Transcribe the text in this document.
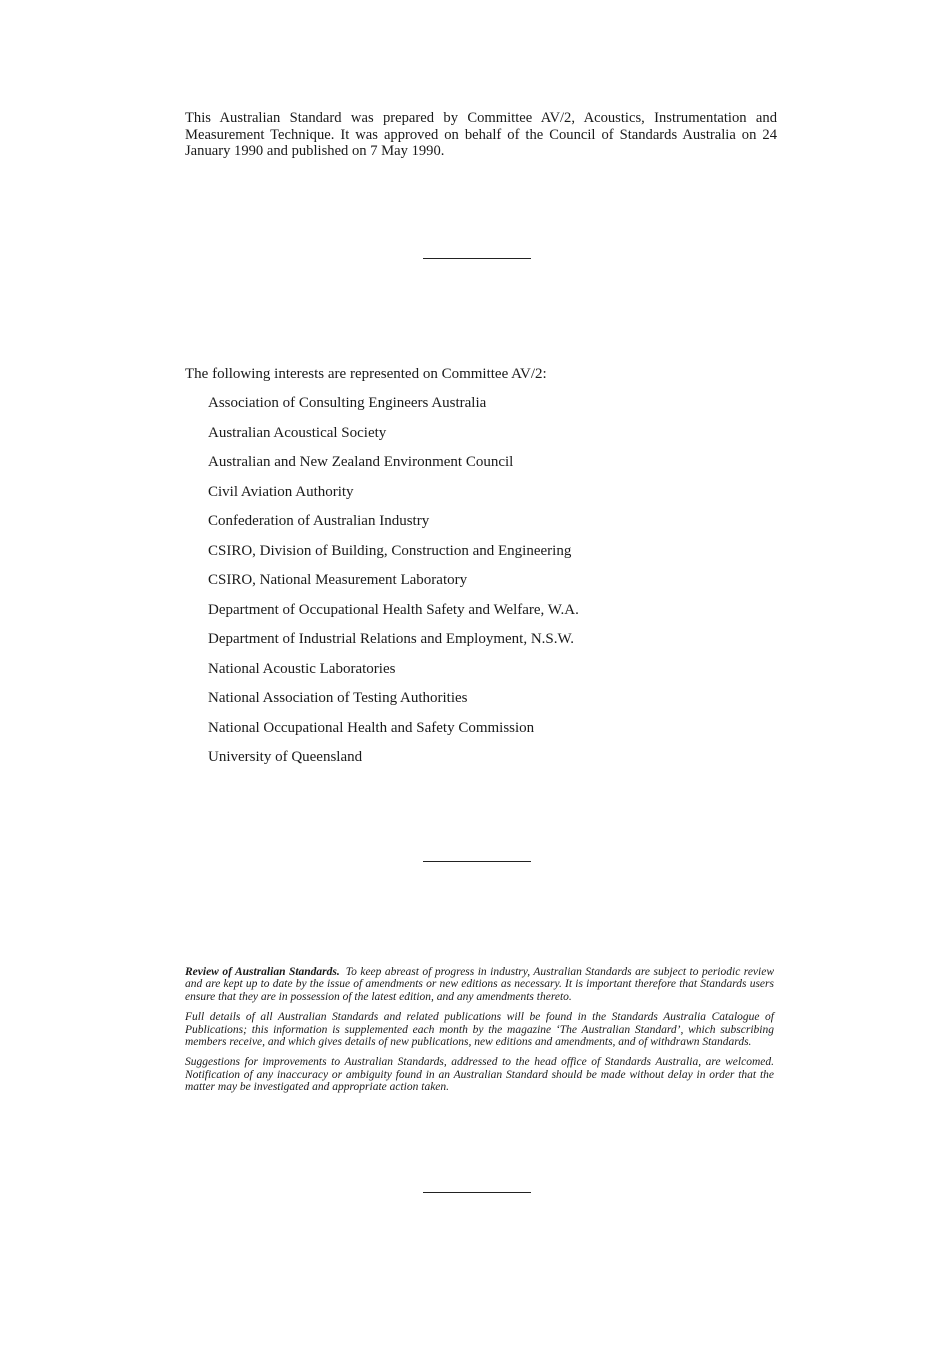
This Australian Standard was prepared by Committee AV/2, Acoustics, Instrumentation and Measurement Technique. It was approved on behalf of the Council of Standards Australia on 24 January 1990 and published on 7 May 1990.

The following interests are represented on Committee AV/2:

Association of Consulting Engineers Australia
Australian Acoustical Society
Australian and New Zealand Environment Council
Civil Aviation Authority
Confederation of Australian Industry
CSIRO, Division of Building, Construction and Engineering
CSIRO, National Measurement Laboratory
Department of Occupational Health Safety and Welfare, W.A.
Department of Industrial Relations and Employment, N.S.W.
National Acoustic Laboratories
National Association of Testing Authorities
National Occupational Health and Safety Commission
University of Queensland

Review of Australian Standards. To keep abreast of progress in industry, Australian Standards are subject to periodic review and are kept up to date by the issue of amendments or new editions as necessary. It is important therefore that Standards users ensure that they are in possession of the latest edition, and any amendments thereto.

Full details of all Australian Standards and related publications will be found in the Standards Australia Catalogue of Publications; this information is supplemented each month by the magazine ‘The Australian Standard’, which subscribing members receive, and which gives details of new publications, new editions and amendments, and of withdrawn Standards.

Suggestions for improvements to Australian Standards, addressed to the head office of Standards Australia, are welcomed. Notification of any inaccuracy or ambiguity found in an Australian Standard should be made without delay in order that the matter may be investigated and appropriate action taken.
